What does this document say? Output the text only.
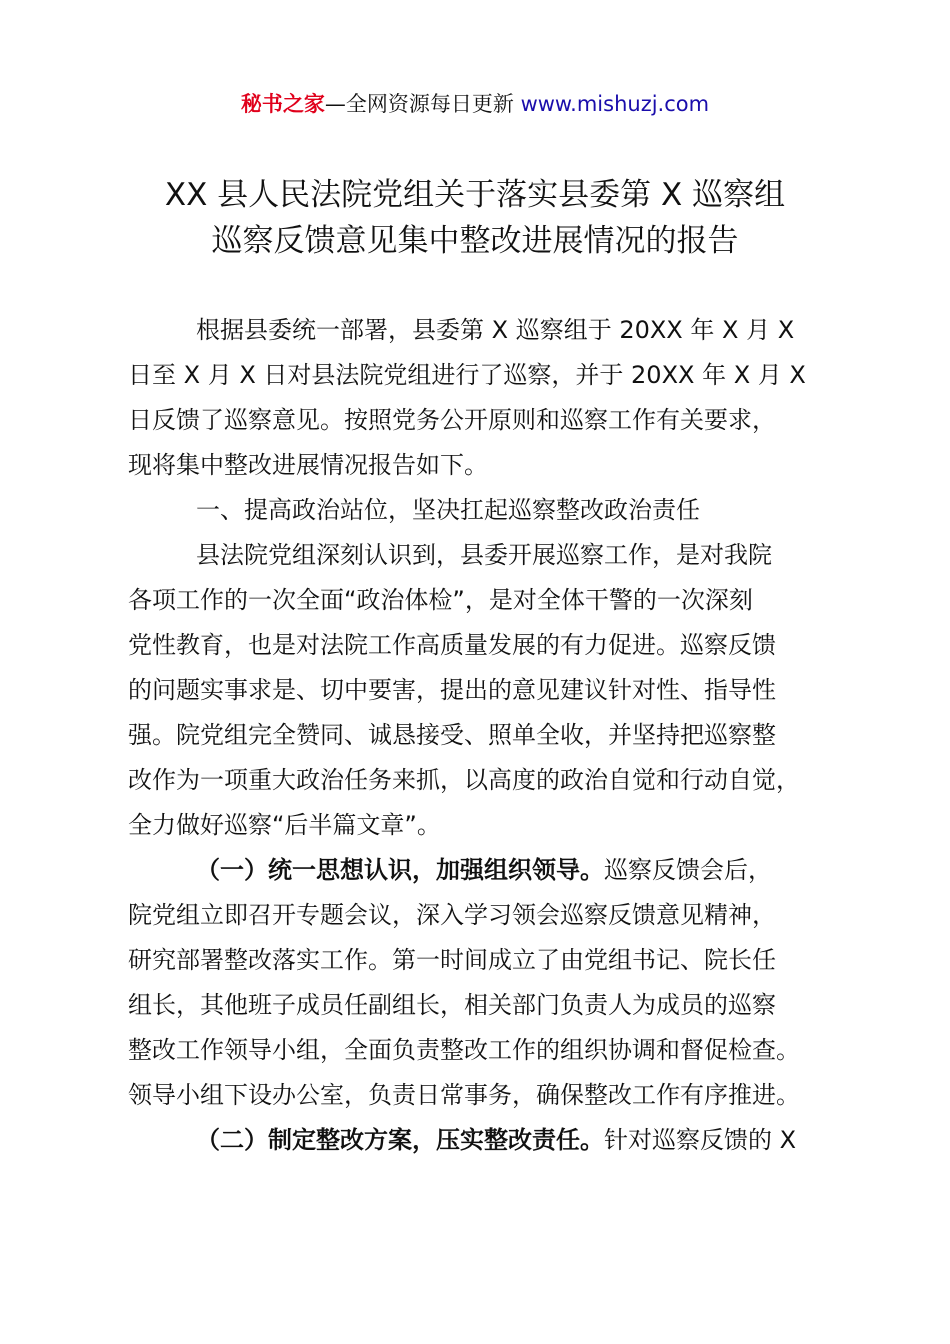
秘书之家—全网资源每日更新 www.mishuzj.com
XX 县人民法院党组关于落实县委第 X 巡察组
巡察反馈意见集中整改进展情况的报告
根据县委统一部署，县委第 X 巡察组于 20XX 年 X 月 X
日至 X 月 X 日对县法院党组进行了巡察，并于 20XX 年 X 月 X
日反馈了巡察意见。按照党务公开原则和巡察工作有关要求，
现将集中整改进展情况报告如下。
一、提高政治站位，坚决扛起巡察整改政治责任
县法院党组深刻认识到，县委开展巡察工作，是对我院
各项工作的一次全面“政治体检”，是对全体干警的一次深刻
党性教育，也是对法院工作高质量发展的有力促进。巡察反馈
的问题实事求是、切中要害，提出的意见建议针对性、指导性
强。院党组完全赞同、诚恳接受、照单全收，并坚持把巡察整
改作为一项重大政治任务来抓，以高度的政治自觉和行动自觉，
全力做好巡察“后半篇文章”。
（一）统一思想认识，加强组织领导。巡察反馈会后，
院党组立即召开专题会议，深入学习领会巡察反馈意见精神，
研究部署整改落实工作。第一时间成立了由党组书记、院长任
组长，其他班子成员任副组长，相关部门负责人为成员的巡察
整改工作领导小组，全面负责整改工作的组织协调和督促检查。
领导小组下设办公室，负责日常事务，确保整改工作有序推进。
（二）制定整改方案，压实整改责任。针对巡察反馈的 X
